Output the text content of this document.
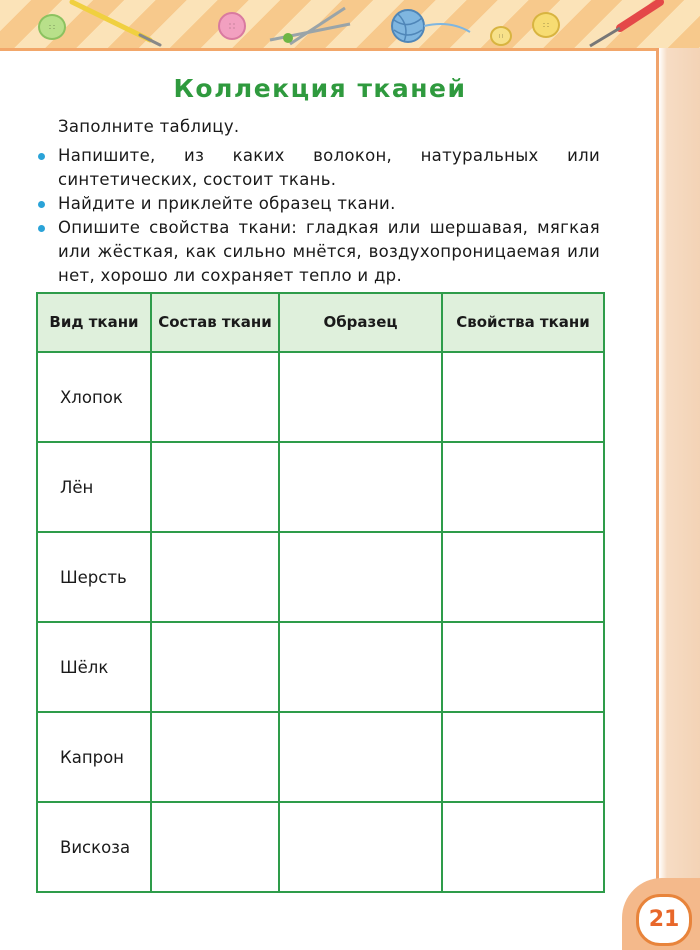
Коллекция тканей
Заполните таблицу.
Напишите, из каких волокон, натуральных или синтетических, состоит ткань.
Найдите и приклейте образец ткани.
Опишите свойства ткани: гладкая или шершавая, мягкая или жёсткая, как сильно мнётся, воздухопроницаемая или нет, хорошо ли сохраняет тепло и др.
Вид ткани	Состав ткани	Образец	Свойства ткани
Хлопок			
Лён			
Шерсть			
Шёлк			
Капрон			
Вискоза			
21
